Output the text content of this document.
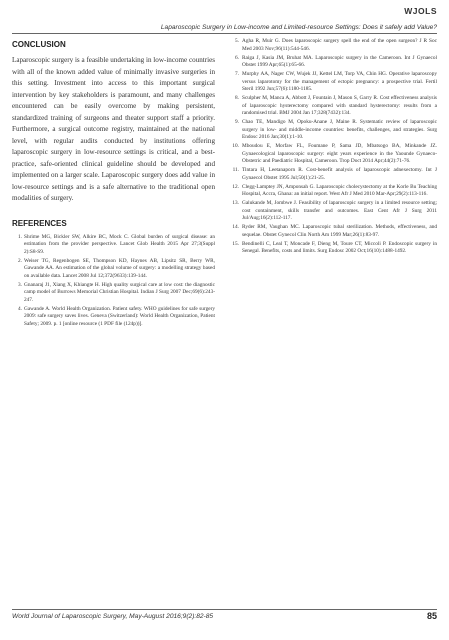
WJOLS
Laparoscopic Surgery in Low-income and Limited-resource Settings: Does it safely add Value?
CONCLUSION

Laparoscopic surgery is a feasible undertaking in low-income countries with all of the known added value of minimally invasive surgeries in this setting. Investment into access to this important surgical intervention by key stakeholders is paramount, and many challenges encountered can be easily overcome by making persistent, standardized training of surgeons and theater support staff a priority. Furthermore, a surgical outcome registry, maintained at the national level, with regular audits conducted by institutions offering laparoscopic surgery in low-resource settings is critical, and a best-practice, safe-oriented clinical guideline should be developed and implemented on a larger scale. Laparoscopic surgery does add value in low-resource settings and is a safe alternative to the traditional open modalities of surgery.

REFERENCES
1. Shrime MG, Bickler SW, Alkire BC, Mock C. Global burden of surgical disease: an estimation from the provider perspective. Lancet Glob Health 2015 Apr 27;3(Suppl 2):S8-S9.
2. Weiser TG, Regenbogen SE, Thompson KD, Haynes AB, Lipsitz SR, Berry WR, Gawande AA. An estimation of the global volume of surgery: a modelling strategy based on available data. Lancet 2008 Jul 12;372(9633):139-144.
3. Gnanaraj J1, Xiang X, Khiangte H. High quality surgical care at low cost: the diagnostic camp model of Burrows Memorial Christian Hospital. Indian J Surg 2007 Dec;69(6):243-247.
4. Gawande A. World Health Organization. Patient safety. WHO guidelines for safe surgery 2009: safe surgery saves lives. Geneva (Switzerland): World Health Organization, Patient Safety; 2009. p. 1 [online resource (1 PDF file (124p))].
5. Agha R, Muir G. Does laparoscopic surgery spell the end of the open surgeon? J R Soc Med 2003 Nov;96(11):544-546.
6. Raiga J, Kasia JM, Bruhat MA. Laparoscopic surgery in the Cameroon. Int J Gynaecol Obstet 1999 Apr;65(1):65-66.
7. Murphy AA, Nager CW, Wujek JJ, Kettel LM, Torp VA, Chin HG. Operative laparoscopy versus laparotomy for the management of ectopic pregnancy: a prospective trial. Fertil Steril 1992 Jun;57(6):1180-1185.
8. Sculpher M, Manca A, Abbott J, Fountain J, Mason S, Garry R. Cost effectiveness analysis of laparoscopic hysterectomy compared with standard hysterectomy: results from a randomised trial. BMJ 2004 Jan 17;328(7432):134.
9. Chao TE, Mandigo M, Opoku-Anane J, Maine R. Systematic review of laparoscopic surgery in low- and middle-income countries: benefits, challenges, and strategies. Surg Endosc 2016 Jan;30(1):1-10.
10. Mboudou E, Morfaw FL, Foumane P, Sama JD, Mbatsogo BA, Minkande JZ. Gynaecological laparoscopic surgery: eight years experience in the Yaounde Gynaeco-Obstetric and Paediatric Hospital, Cameroon. Trop Doct 2014 Apr;44(2):71-76.
11. Tintara H, Leetanaporn R. Cost-benefit analysis of laparoscopic adnexectomy. Int J Gynaecol Obstet 1995 Jul;50(1):21-25.
12. Clegg-Lamptey JN, Amponsah G. Laparoscopic cholecystectomy at the Korle Bu Teaching Hospital, Accra, Ghana: an initial report. West Afr J Med 2010 Mar-Apr;29(2):113-116.
13. Galukande M, Jombwe J. Feasibility of laparoscopic surgery in a limited resource setting; cost containment, skills transfer and outcomes. East Cent Afr J Surg 2011 Jul/Aug;16(2):112-117.
14. Ryder RM, Vaughan MC. Laparoscopic tubal sterilization. Methods, effectiveness, and sequelae. Obstet Gynecol Clin North Am 1999 Mar;26(1):83-97.
15. Bendinelli C, Leal T, Moncade F, Dieng M, Toure CT, Miccoli P. Endoscopic surgery in Senegal. Benefits, costs and limits. Surg Endosc 2002 Oct;16(10):1488-1492.
World Journal of Laparoscopic Surgery, May-August 2016;9(2):82-85	85
